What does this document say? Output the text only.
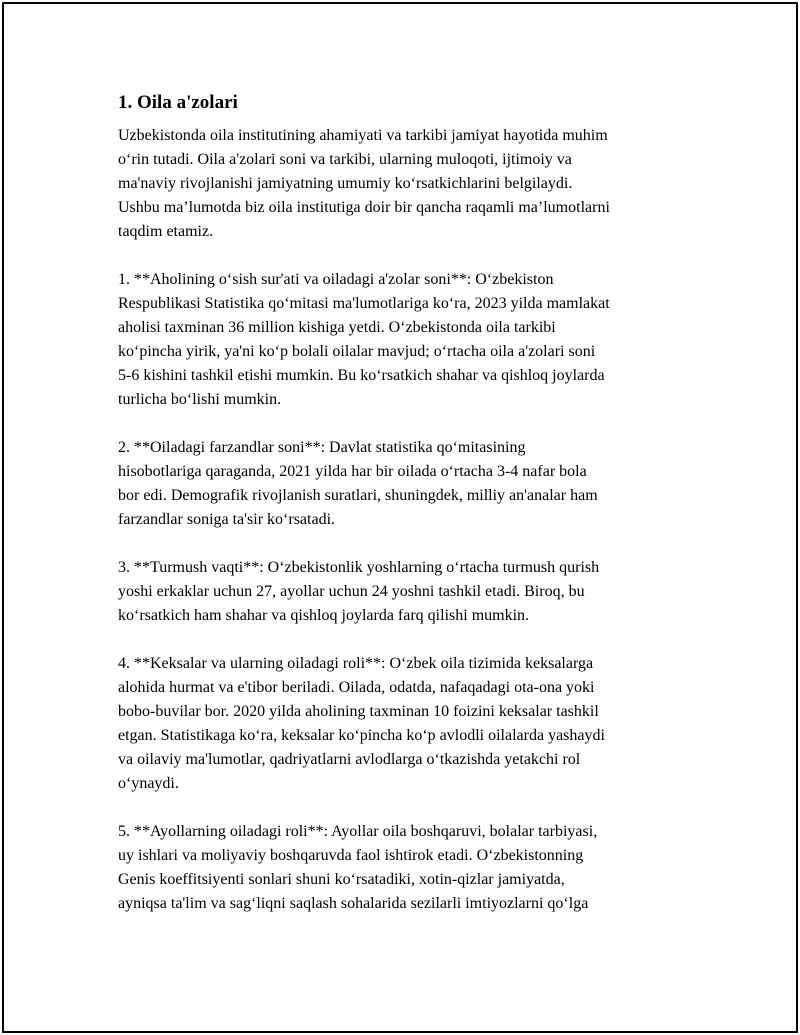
1. Oila a'zolari
Uzbekistonda oila institutining ahamiyati va tarkibi jamiyat hayotida muhim
o‘rin tutadi. Oila a'zolari soni va tarkibi, ularning muloqoti, ijtimoiy va
ma'naviy rivojlanishi jamiyatning umumiy ko‘rsatkichlarini belgilaydi.
Ushbu ma’lumotda biz oila institutiga doir bir qancha raqamli ma’lumotlarni
taqdim etamiz.
1. **Aholining o‘sish sur'ati va oiladagi a'zolar soni**: O‘zbekiston
Respublikasi Statistika qo‘mitasi ma'lumotlariga ko‘ra, 2023 yilda mamlakat
aholisi taxminan 36 million kishiga yetdi. O‘zbekistonda oila tarkibi
ko‘pincha yirik, ya'ni ko‘p bolali oilalar mavjud; o‘rtacha oila a'zolari soni
5-6 kishini tashkil etishi mumkin. Bu ko‘rsatkich shahar va qishloq joylarda
turlicha bo‘lishi mumkin.
2. **Oiladagi farzandlar soni**: Davlat statistika qo‘mitasining
hisobotlariga qaraganda, 2021 yilda har bir oilada o‘rtacha 3-4 nafar bola
bor edi. Demografik rivojlanish suratlari, shuningdek, milliy an'analar ham
farzandlar soniga ta'sir ko‘rsatadi.
3. **Turmush vaqti**: O‘zbekistonlik yoshlarning o‘rtacha turmush qurish
yoshi erkaklar uchun 27, ayollar uchun 24 yoshni tashkil etadi. Biroq, bu
ko‘rsatkich ham shahar va qishloq joylarda farq qilishi mumkin.
4. **Keksalar va ularning oiladagi roli**: O‘zbek oila tizimida keksalarga
alohida hurmat va e'tibor beriladi. Oilada, odatda, nafaqadagi ota-ona yoki
bobo-buvilar bor. 2020 yilda aholining taxminan 10 foizini keksalar tashkil
etgan. Statistikaga ko‘ra, keksalar ko‘pincha ko‘p avlodli oilalarda yashaydi
va oilaviy ma'lumotlar, qadriyatlarni avlodlarga o‘tkazishda yetakchi rol
o‘ynaydi.
5. **Ayollarning oiladagi roli**: Ayollar oila boshqaruvi, bolalar tarbiyasi,
uy ishlari va moliyaviy boshqaruvda faol ishtirok etadi. O‘zbekistonning
Genis koeffitsiyenti sonlari shuni ko‘rsatadiki, xotin-qizlar jamiyatda,
ayniqsa ta'lim va sag‘liqni saqlash sohalarida sezilarli imtiyozlarni qo‘lga
